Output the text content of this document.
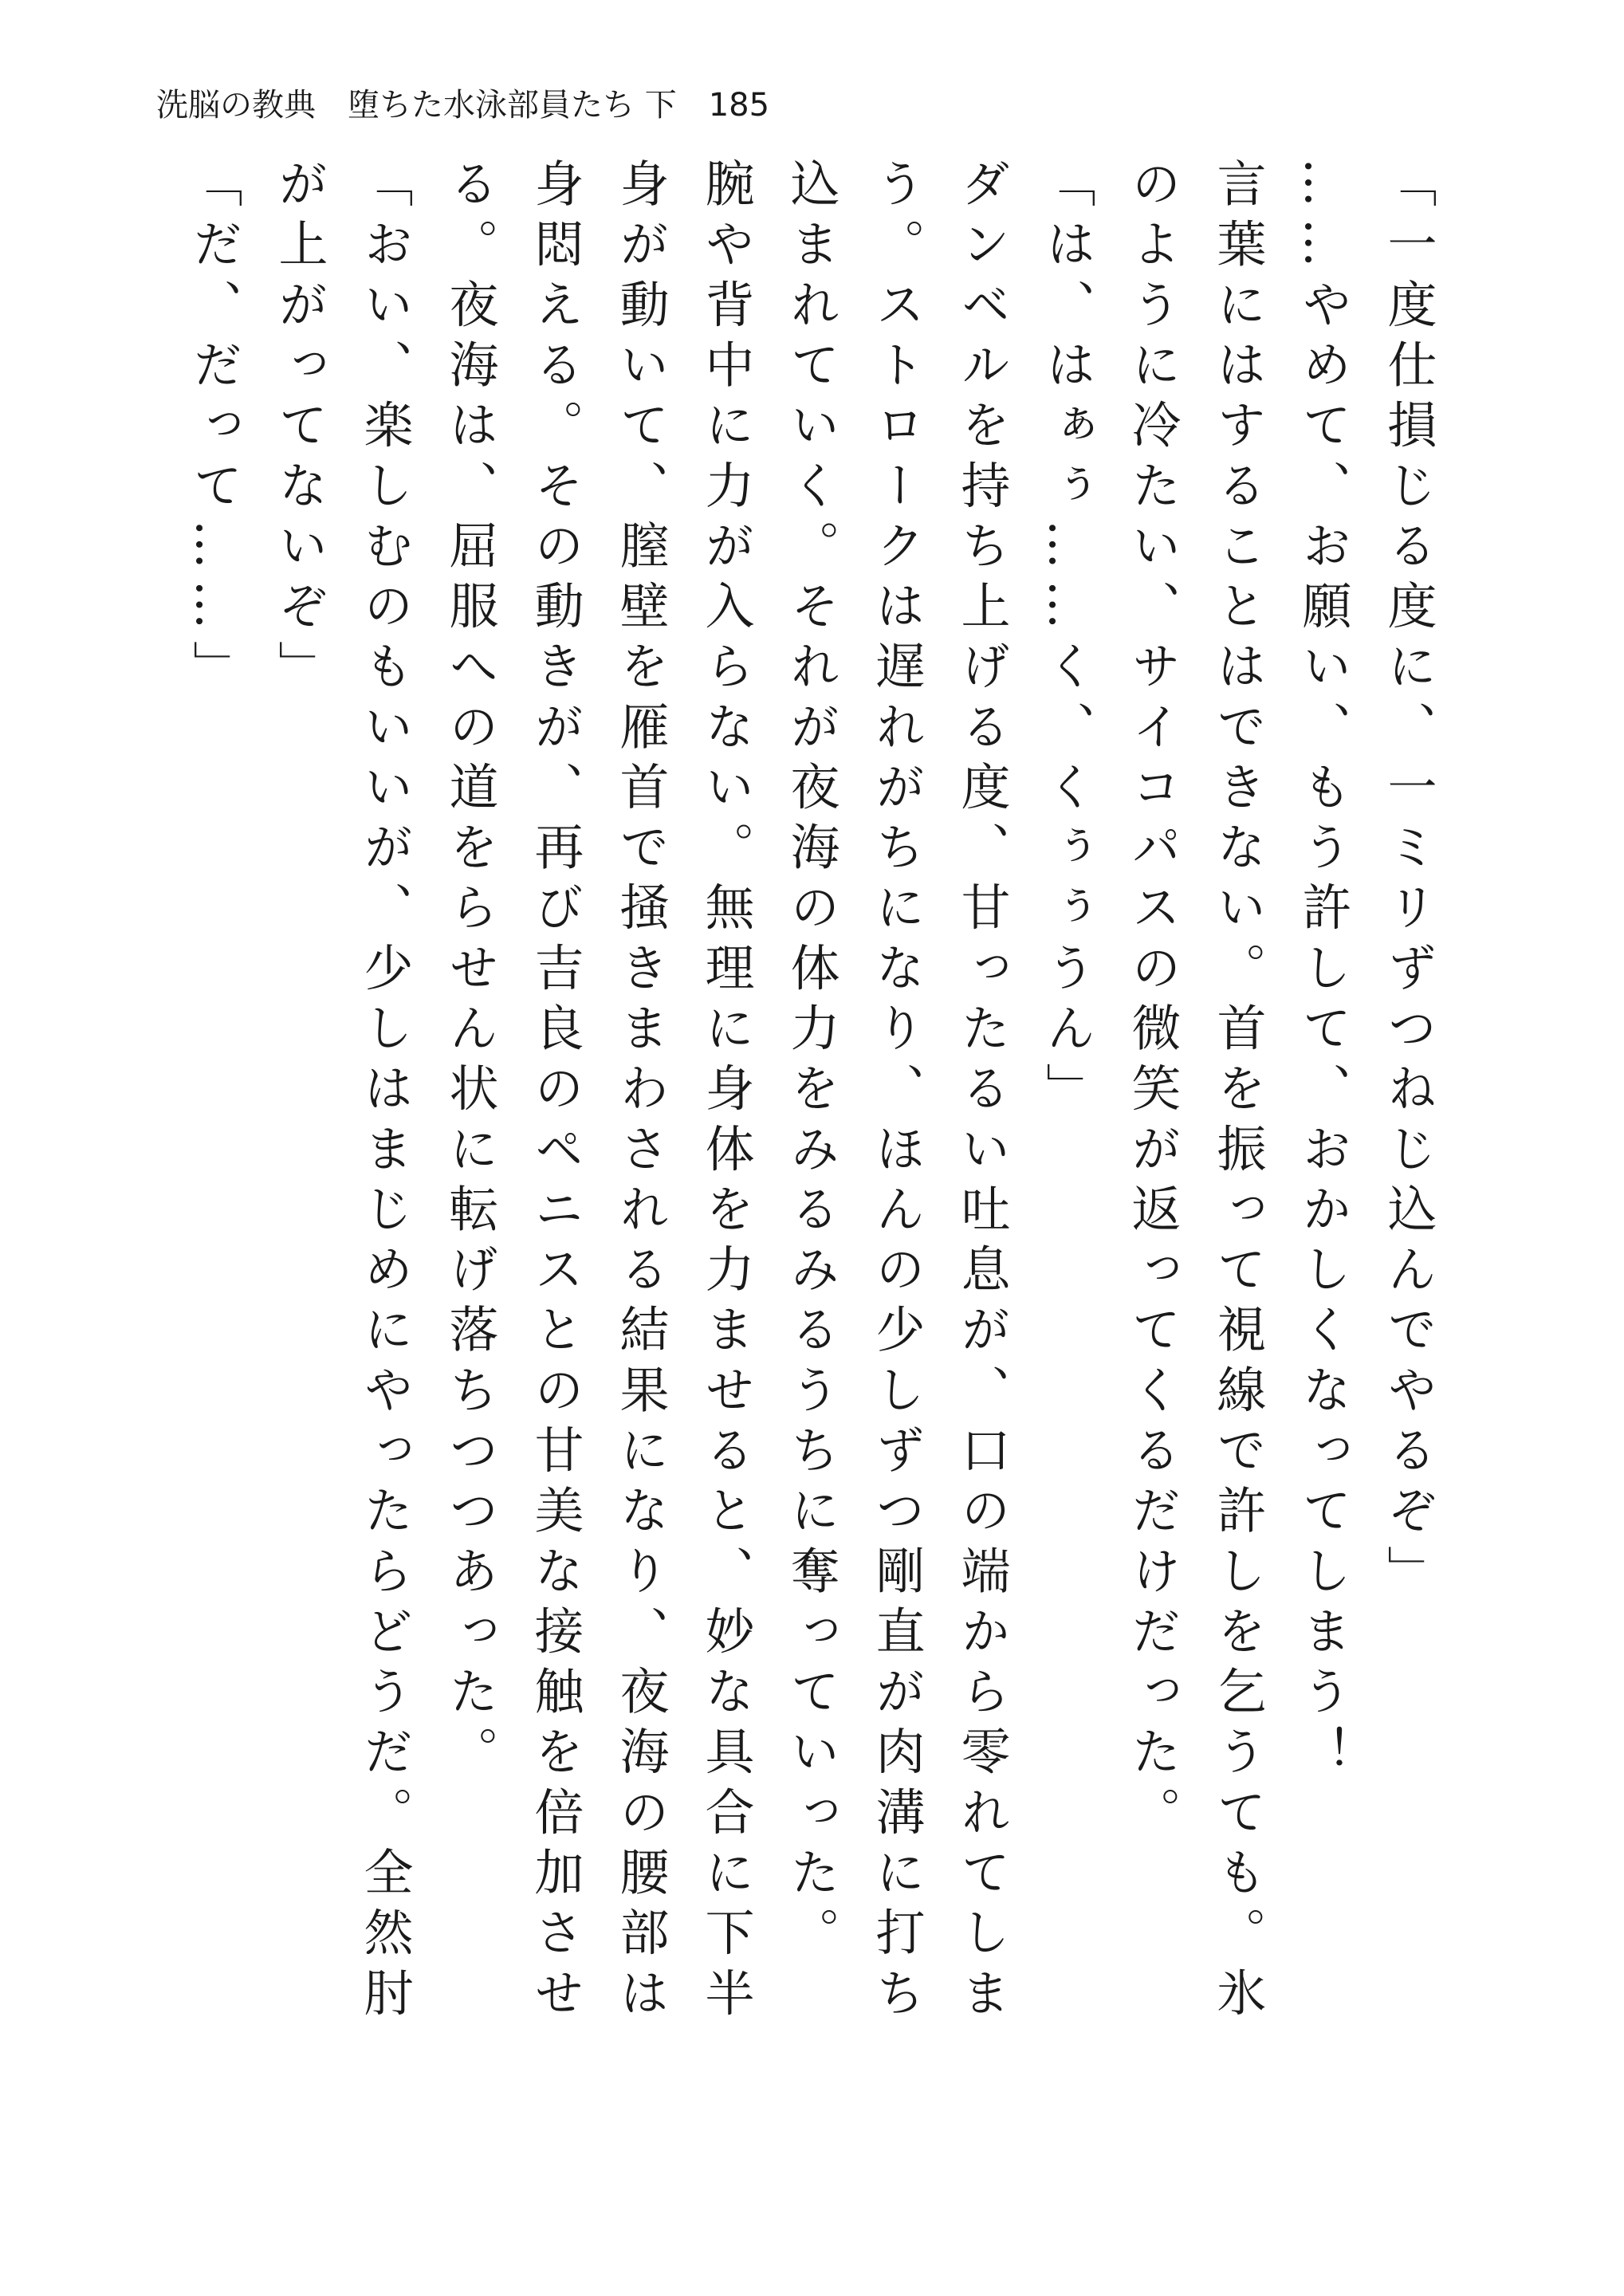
洗脳の教典 堕ちた水泳部員たち 下 185

「一度仕損じる度に、一ミリずつねじ込んでやるぞ」

……やめて、お願い、もう許して、おかしくなってしまう！

言葉にはすることはできない。首を振って視線で許しを乞うても。氷のように冷たい、サイコパスの微笑が返ってくるだけだった。

「は、はぁぅ……く、くぅぅうん」

ダンベルを持ち上げる度、甘ったるい吐息が、口の端から零れてしまう。ストロークは遅れがちになり、ほんの少しずつ剛直が肉溝に打ち込まれていく。それが夜海の体力をみるみるうちに奪っていった。

腕や背中に力が入らない。無理に身体を力ませると、妙な具合に下半身が動いて、膣壁を雁首で掻きまわされる結果になり、夜海の腰部は身悶える。その動きが、再び吉良のペニスとの甘美な接触を倍加させる。夜海は、屈服への道をらせん状に転げ落ちつつあった。

「おい、楽しむのもいいが、少しはまじめにやったらどうだ。全然肘が上がってないぞ」

「だ、だって……」
